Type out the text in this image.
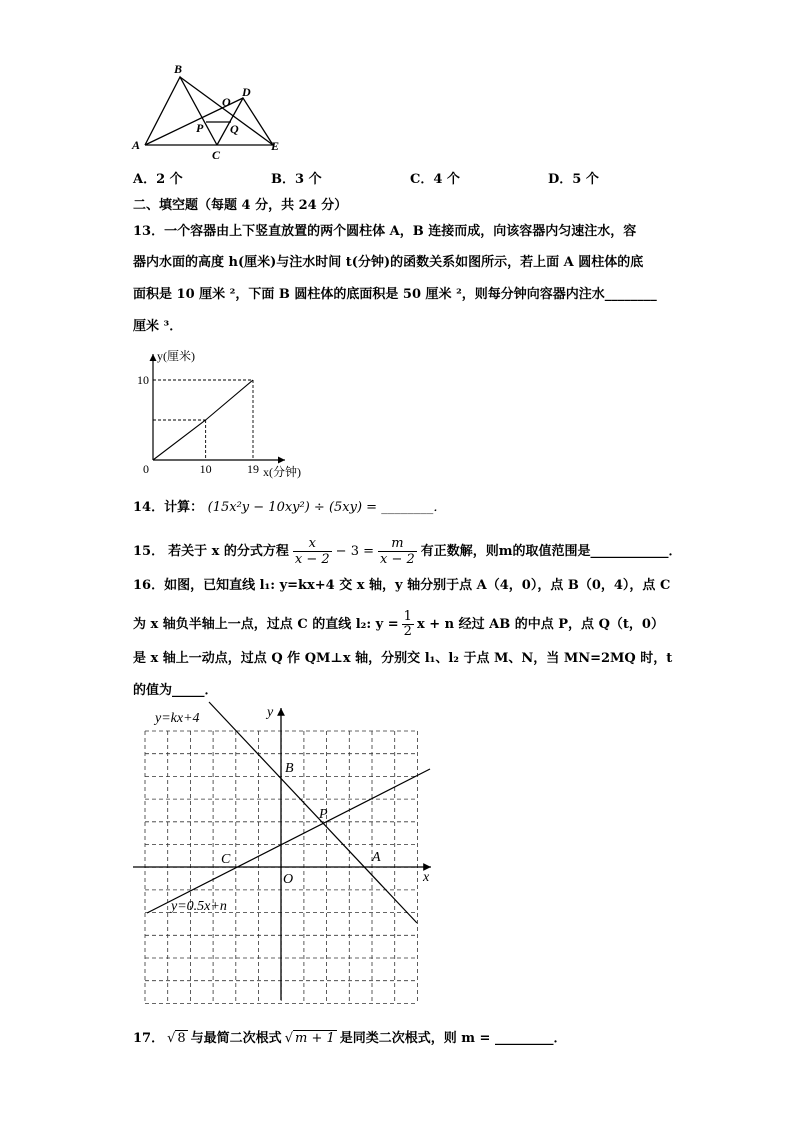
A
B
C
D
E
O
P Q
A．2 个	B．3 个	C．4 个	D．5 个
二、填空题（每题 4 分，共 24 分）
13．一个容器由上下竖直放置的两个圆柱体 A，B 连接而成，向该容器内匀速注水，容
器内水面的高度 h(厘米)与注水时间 t(分钟)的函数关系如图所示，若上面 A 圆柱体的底
面积是 10 厘米 ²，下面 B 圆柱体的底面积是 50 厘米 ²，则每分钟向容器内注水________
厘米 ³．
y(厘米)
x(分钟)
0	10	19
10
14．计算： (15x²y − 10xy²) ÷ (5xy) = ________．
15． 若关于 x 的分式方程 x
x − 2
− $3 = \frac{m}{x - 2}$ 有正数解，则m的取值范围是____________．
16．如图，已知直线 l₁: y=kx+4 交 x 轴，y 轴分别于点 A（4，0），点 B（0，4），点 C
为 x 轴负半轴上一点，过点 C 的直线 l₂: $y = \frac{1}{2}$ x + n 经过 AB 的中点 P，点 Q（t，0）
是 x 轴上一动点，过点 Q 作 QM⊥x 轴，分别交 l₁、l₂ 于点 M、N，当 MN=2MQ 时，t
的值为_____．
y=kx+4
y=0.5x+n
x
y
O
A
B
C
P
17． √ 8 与最简二次根式 √ m + 1 是同类二次根式，则 m = _________．
